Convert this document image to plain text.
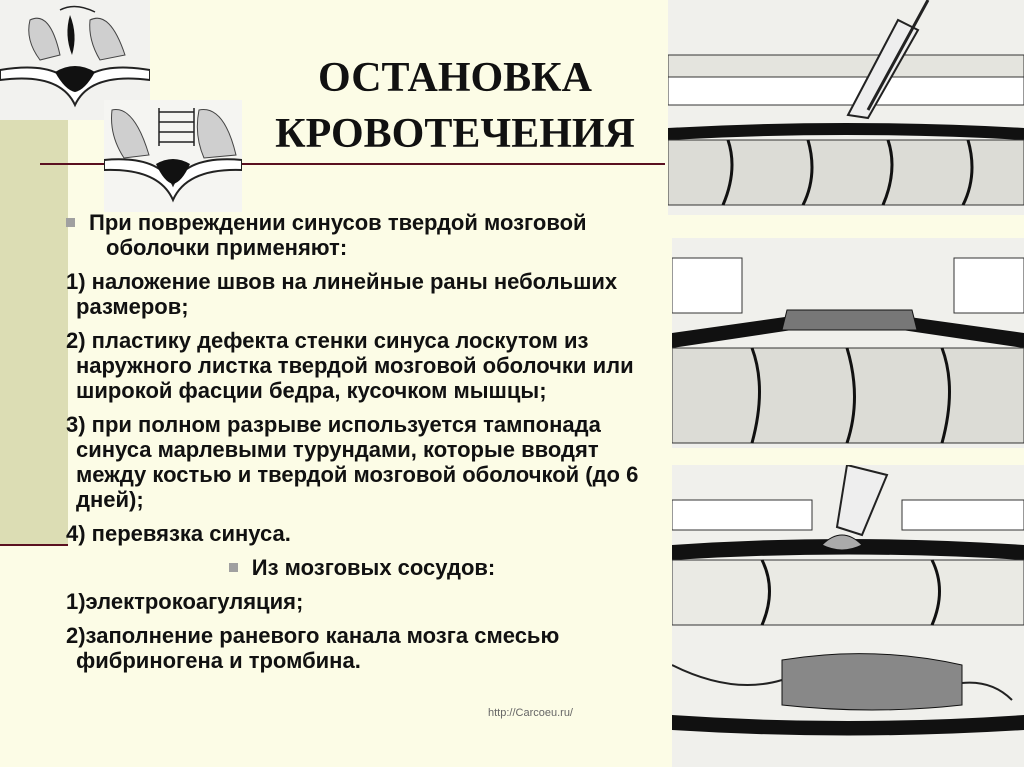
ОСТАНОВКА КРОВОТЕЧЕНИЯ
При повреждении синусов твердой мозговой оболочки применяют:
1) наложение швов на линейные раны небольших размеров;
2) пластику дефекта стенки синуса лоскутом из наружного листка твердой мозговой оболочки или широкой фасции бедра, кусочком мышцы;
3) при полном разрыве используется тампонада синуса марлевыми турундами, которые вводят между костью и твердой мозговой оболочкой (до 6 дней);
4) перевязка синуса.
Из мозговых сосудов:
1)электрокоагуляция;
2)заполнение раневого канала мозга смесью фибриногена и тромбина.
http://Carcoeu.ru/
